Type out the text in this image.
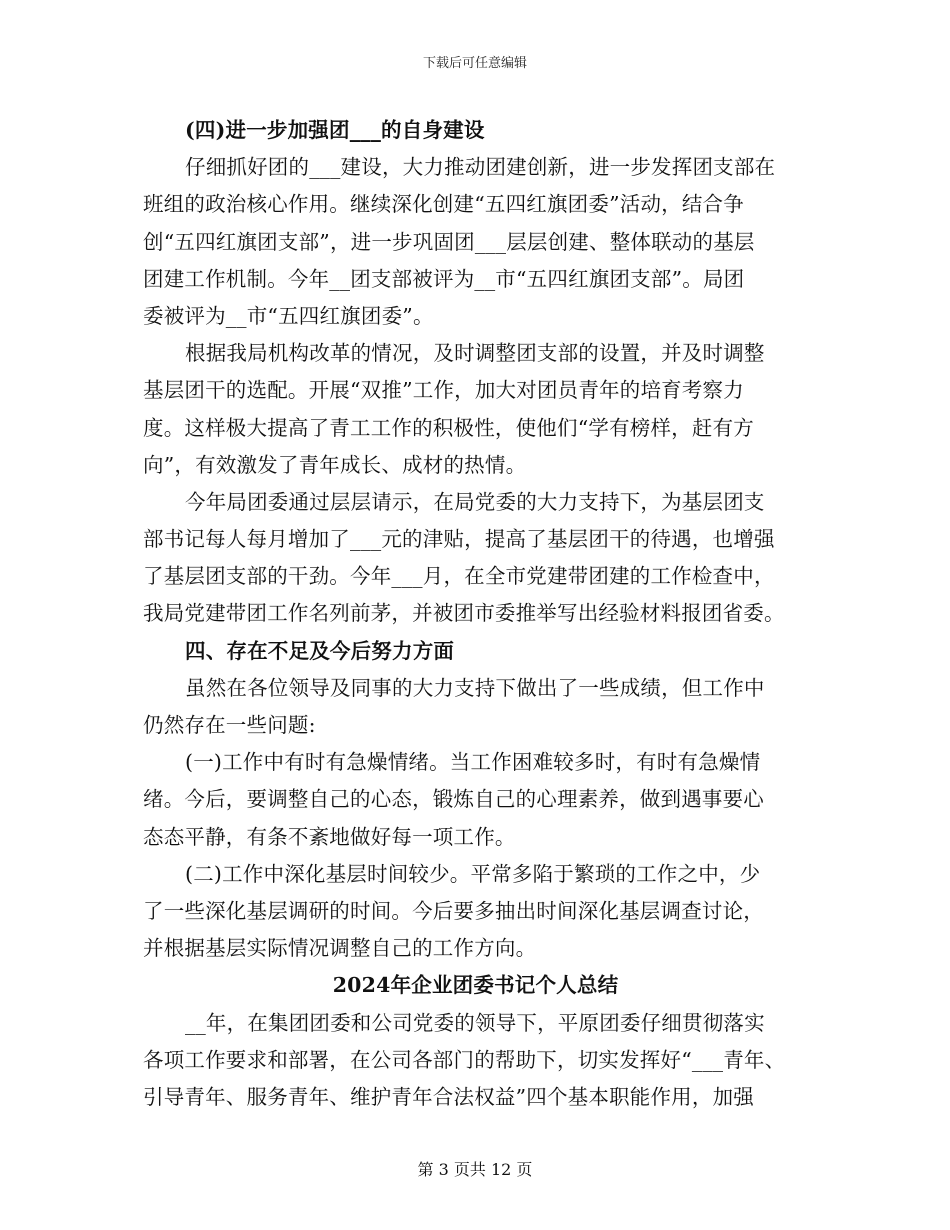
下载后可任意编辑
(四)进一步加强团___的自身建设
仔细抓好团的___建设，大力推动团建创新，进一步发挥团支部在
班组的政治核心作用。继续深化创建“五四红旗团委”活动，结合争
创“五四红旗团支部”，进一步巩固团___层层创建、整体联动的基层
团建工作机制。今年__团支部被评为__市“五四红旗团支部”。局团
委被评为__市“五四红旗团委”。
根据我局机构改革的情况，及时调整团支部的设置，并及时调整
基层团干的选配。开展“双推”工作，加大对团员青年的培育考察力
度。这样极大提高了青工工作的积极性，使他们“学有榜样，赶有方
向”，有效激发了青年成长、成材的热情。
今年局团委通过层层请示，在局党委的大力支持下，为基层团支
部书记每人每月增加了___元的津贴，提高了基层团干的待遇，也增强
了基层团支部的干劲。今年___月，在全市党建带团建的工作检查中，
我局党建带团工作名列前茅，并被团市委推举写出经验材料报团省委。
四、存在不足及今后努力方面
虽然在各位领导及同事的大力支持下做出了一些成绩，但工作中
仍然存在一些问题:
(一)工作中有时有急燥情绪。当工作困难较多时，有时有急燥情
绪。今后，要调整自己的心态，锻炼自己的心理素养，做到遇事要心
态态平静，有条不紊地做好每一项工作。
(二)工作中深化基层时间较少。平常多陷于繁琐的工作之中，少
了一些深化基层调研的时间。今后要多抽出时间深化基层调查讨论，
并根据基层实际情况调整自己的工作方向。
2024年企业团委书记个人总结
__年，在集团团委和公司党委的领导下，平原团委仔细贯彻落实
各项工作要求和部署，在公司各部门的帮助下，切实发挥好“___青年、
引导青年、服务青年、维护青年合法权益”四个基本职能作用，加强
第 3 页共 12 页
